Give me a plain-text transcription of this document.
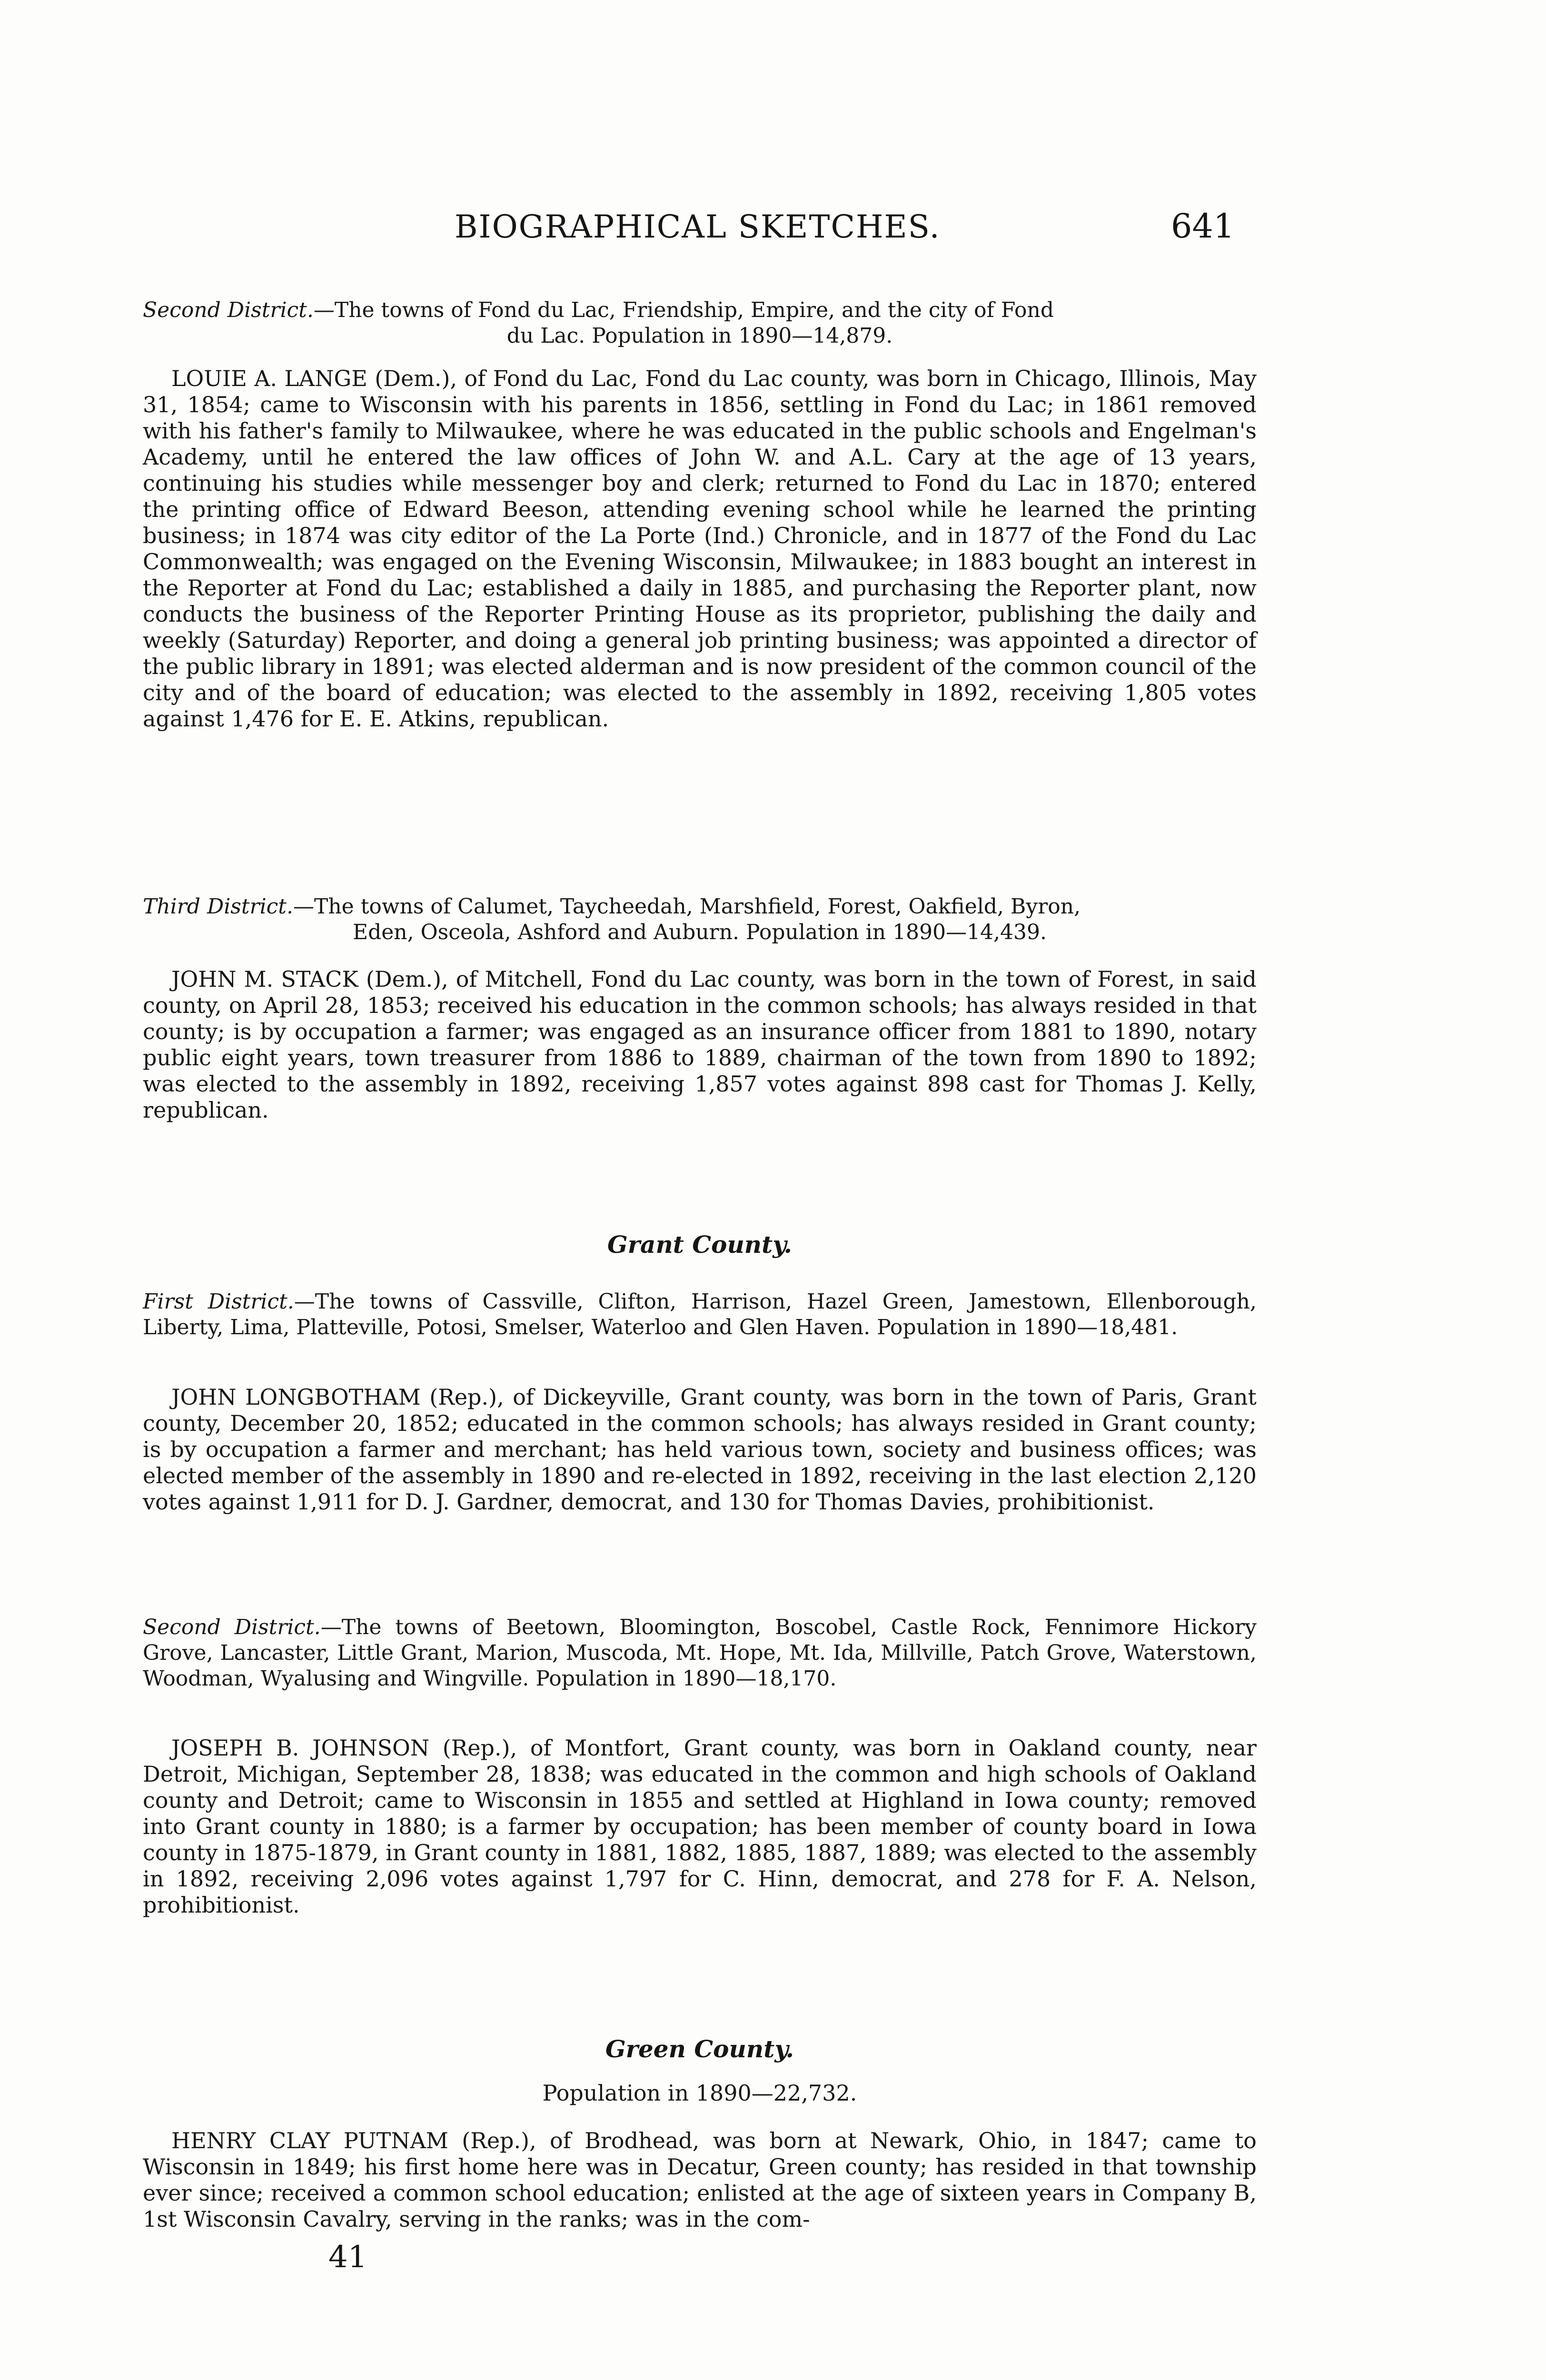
BIOGRAPHICAL SKETCHES.	641

Second District.—The towns of Fond du Lac, Friendship, Empire, and the city of Fond

du Lac. Population in 1890—14,879.

LOUIE A. LANGE (Dem.), of Fond du Lac, Fond du Lac county, was born in Chicago, Illinois, May 31, 1854; came to Wisconsin with his parents in 1856, settling in Fond du Lac; in 1861 removed with his father's family to Milwaukee, where he was educated in the public schools and Engelman's Academy, until he entered the law offices of John W. and A.L. Cary at the age of 13 years, continuing his studies while messenger boy and clerk; returned to Fond du Lac in 1870; entered the printing office of Edward Beeson, attending evening school while he learned the printing business; in 1874 was city editor of the La Porte (Ind.) Chronicle, and in 1877 of the Fond du Lac Commonwealth; was engaged on the Evening Wisconsin, Milwaukee; in 1883 bought an interest in the Reporter at Fond du Lac; established a daily in 1885, and purchasing the Reporter plant, now conducts the business of the Reporter Printing House as its proprietor, publishing the daily and weekly (Saturday) Reporter, and doing a general job printing business; was appointed a director of the public library in 1891; was elected alderman and is now president of the common council of the city and of the board of education; was elected to the assembly in 1892, receiving 1,805 votes against 1,476 for E. E. Atkins, republican.

Third District.—The towns of Calumet, Taycheedah, Marshfield, Forest, Oakfield, Byron,

Eden, Osceola, Ashford and Auburn. Population in 1890—14,439.

JOHN M. STACK (Dem.), of Mitchell, Fond du Lac county, was born in the town of Forest, in said county, on April 28, 1853; received his education in the common schools; has always resided in that county; is by occupation a farmer; was engaged as an insurance officer from 1881 to 1890, notary public eight years, town treasurer from 1886 to 1889, chairman of the town from 1890 to 1892; was elected to the assembly in 1892, receiving 1,857 votes against 898 cast for Thomas J. Kelly, republican.

Grant County.

First District.—The towns of Cassville, Clifton, Harrison, Hazel Green, Jamestown, Ellenborough, Liberty, Lima, Platteville, Potosi, Smelser, Waterloo and Glen Haven. Population in 1890—18,481.

JOHN LONGBOTHAM (Rep.), of Dickeyville, Grant county, was born in the town of Paris, Grant county, December 20, 1852; educated in the common schools; has always resided in Grant county; is by occupation a farmer and merchant; has held various town, society and business offices; was elected member of the assembly in 1890 and re-elected in 1892, receiving in the last election 2,120 votes against 1,911 for D. J. Gardner, democrat, and 130 for Thomas Davies, prohibitionist.

Second District.—The towns of Beetown, Bloomington, Boscobel, Castle Rock, Fennimore Hickory Grove, Lancaster, Little Grant, Marion, Muscoda, Mt. Hope, Mt. Ida, Millville, Patch Grove, Waterstown, Woodman, Wyalusing and Wingville. Population in 1890—18,170.

JOSEPH B. JOHNSON (Rep.), of Montfort, Grant county, was born in Oakland county, near Detroit, Michigan, September 28, 1838; was educated in the common and high schools of Oakland county and Detroit; came to Wisconsin in 1855 and settled at Highland in Iowa county; removed into Grant county in 1880; is a farmer by occupation; has been member of county board in Iowa county in 1875-1879, in Grant county in 1881, 1882, 1885, 1887, 1889; was elected to the assembly in 1892, receiving 2,096 votes against 1,797 for C. Hinn, democrat, and 278 for F. A. Nelson, prohibitionist.

Green County.

Population in 1890—22,732.

HENRY CLAY PUTNAM (Rep.), of Brodhead, was born at Newark, Ohio, in 1847; came to Wisconsin in 1849; his first home here was in Decatur, Green county; has resided in that township ever since; received a common school education; enlisted at the age of sixteen years in Company B, 1st Wisconsin Cavalry, serving in the ranks; was in the com-

41
